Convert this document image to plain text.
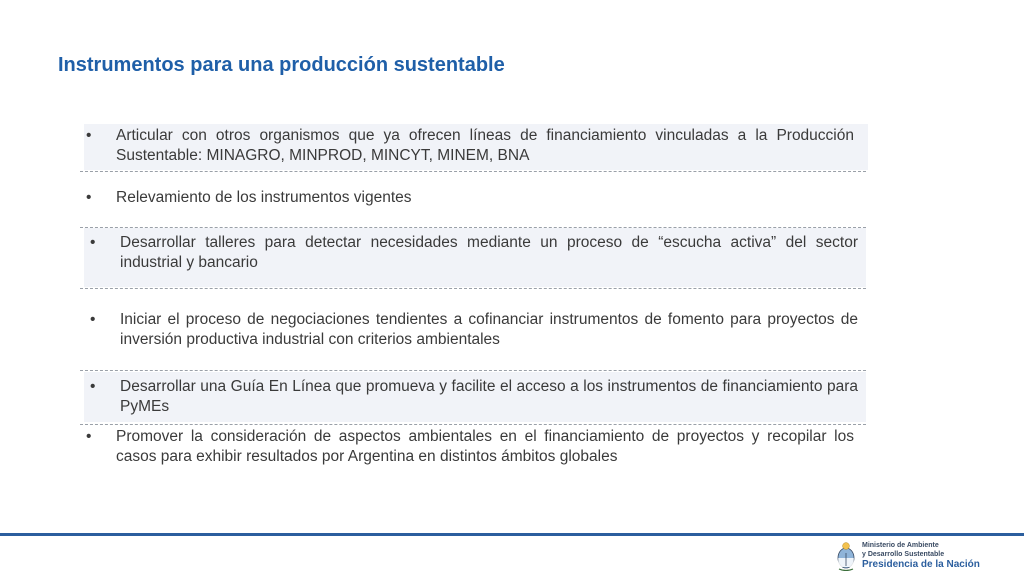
Instrumentos para una producción sustentable
•	Articular con otros organismos que ya ofrecen líneas de financiamiento vinculadas a la Producción Sustentable: MINAGRO, MINPROD, MINCYT, MINEM, BNA
•	Relevamiento de los instrumentos vigentes
•	Desarrollar talleres para detectar necesidades mediante un proceso de “escucha activa” del sector industrial y bancario
•	Iniciar el proceso de negociaciones tendientes a cofinanciar instrumentos de fomento para proyectos de inversión productiva industrial con criterios ambientales
•	Desarrollar una Guía En Línea que promueva y facilite el acceso a los instrumentos de financiamiento para PyMEs
•	Promover la consideración de aspectos ambientales en el financiamiento de proyectos y recopilar los casos para exhibir resultados por Argentina en distintos ámbitos globales
Ministerio de Ambiente
y Desarrollo Sustentable
Presidencia de la Nación
